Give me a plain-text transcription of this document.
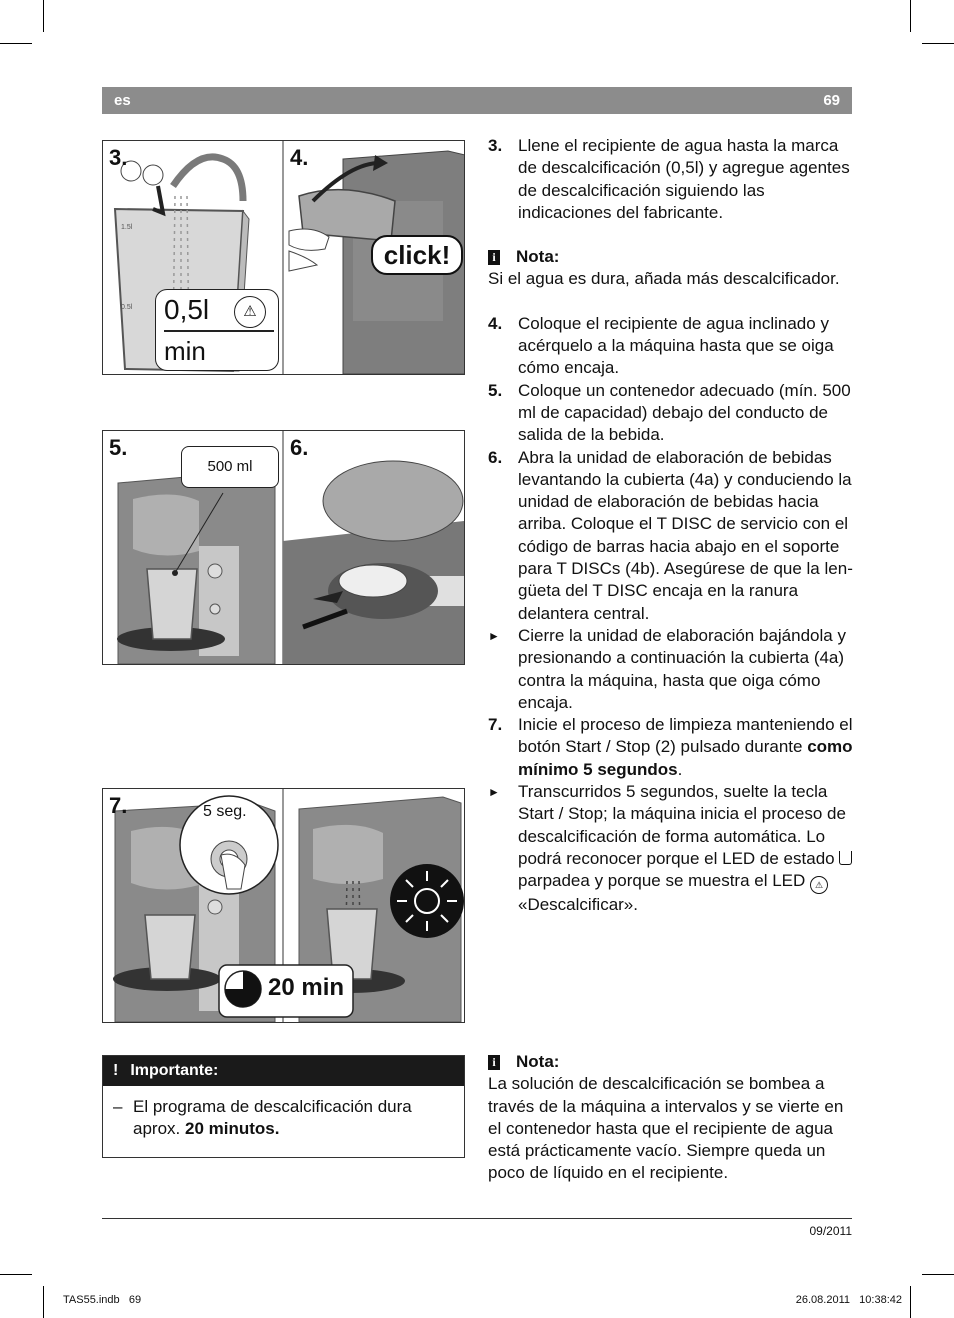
es	69
1.5l
0.5l
3.	4.
0,5l	⚠
min
click!
5.	6.
500 ml
7.	5 seg.
20 min
! Importante:
– El programa de descalcificación dura aprox. 20 minutos.
3. Llene el recipiente de agua hasta la marca de descalcificación (0,5l) y agregue agentes de descalcificación siguiendo las indicaciones del fabricante.
i Nota:
Si el agua es dura, añada más descalcificador.
4. Coloque el recipiente de agua inclinado y acérquelo a la máquina hasta que se oiga cómo encaja.
5. Coloque un contenedor adecuado (mín. 500 ml de capacidad) debajo del conducto de salida de la bebida.
6. Abra la unidad de elaboración de bebidas levantando la cubierta (4a) y conduciendo la unidad de elaboración de bebidas hacia arriba. Coloque el T DISC de servicio con el código de barras hacia abajo en el soporte para T DISCs (4b). Asegúrese de que la lengüeta del T DISC encaja en la ranura delantera central.
► Cierre la unidad de elaboración bajándola y presionando a continuación la cubierta (4a) contra la máquina, hasta que oiga cómo encaja.
7. Inicie el proceso de limpieza manteniendo el botón Start / Stop (2) pulsado durante como mínimo 5 segundos.
► Transcurridos 5 segundos, suelte la tecla Start / Stop; la máquina inicia el proceso de descalcificación de forma automática. Lo podrá reconocer porque el LED de estado  parpadea y porque se muestra el LED ⚠ «Descalcificar».
i Nota:
La solución de descalcificación se bombea a través de la máquina a intervalos y se vierte en el contenedor hasta que el recipiente de agua está prácticamente vacío. Siempre queda un poco de líquido en el recipiente.
09/2011
TAS55.indb   69	26.08.2011   10:38:42
